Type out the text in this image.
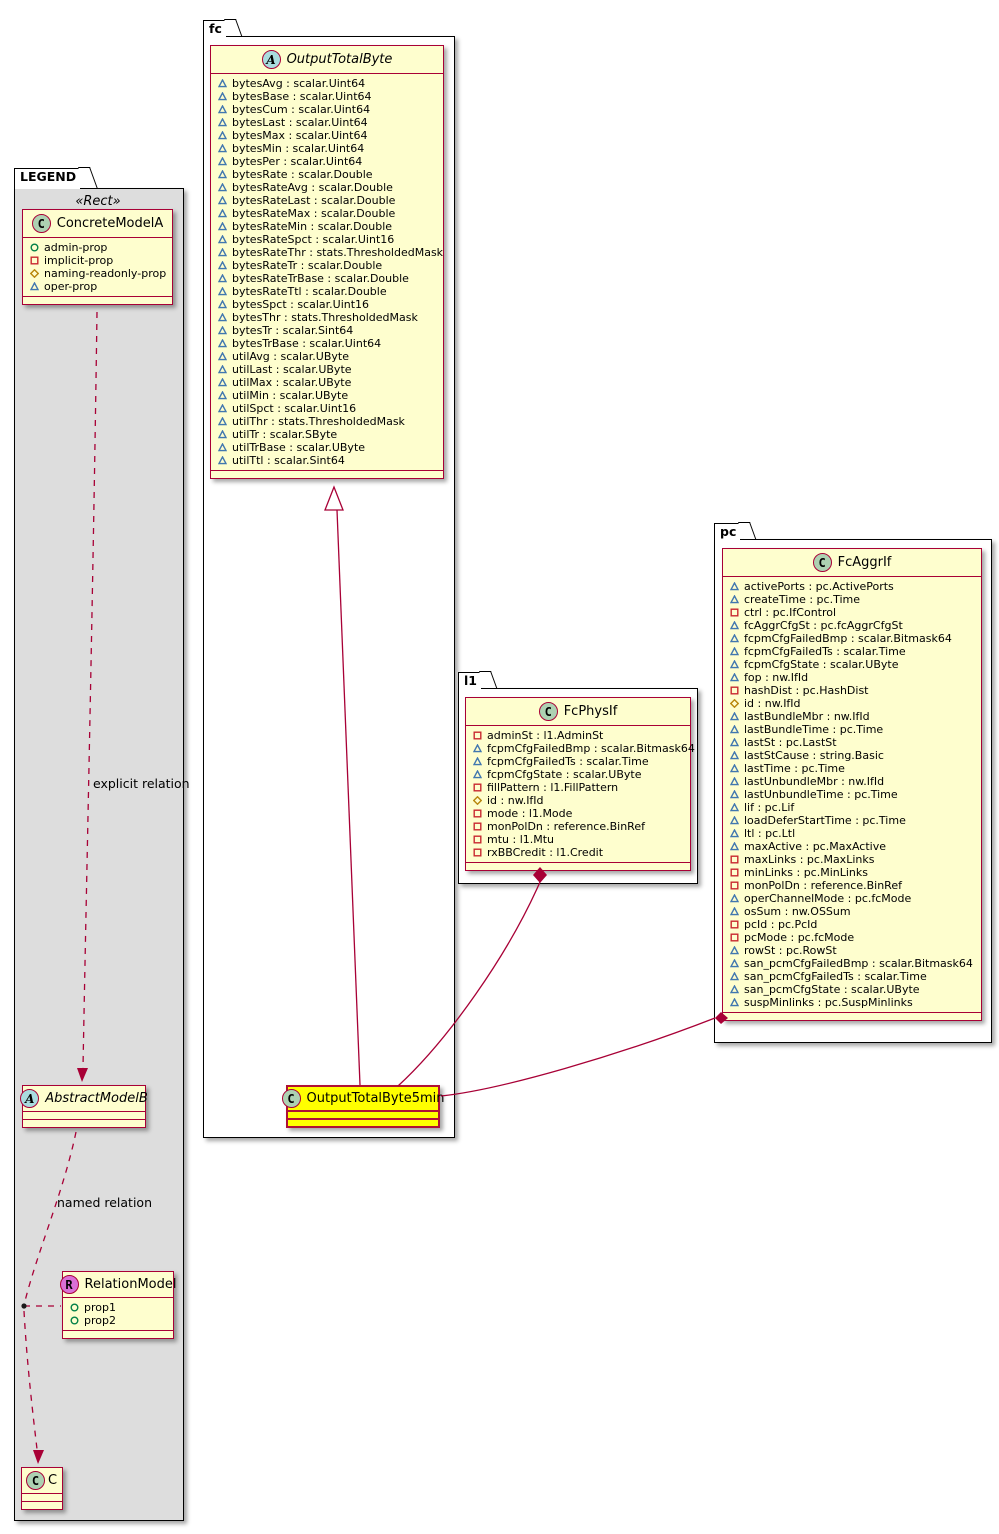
LEGEND
«Rect»
fc
l1
pc
explicit relation
named relation
C ConcreteModelA
admin-prop
implicit-prop
naming-readonly-prop
oper-prop
A AbstractModelB
R RelationModel
prop1
prop2
C C
A OutputTotalByte
bytesAvg : scalar.Uint64
bytesBase : scalar.Uint64
bytesCum : scalar.Uint64
bytesLast : scalar.Uint64
bytesMax : scalar.Uint64
bytesMin : scalar.Uint64
bytesPer : scalar.Uint64
bytesRate : scalar.Double
bytesRateAvg : scalar.Double
bytesRateLast : scalar.Double
bytesRateMax : scalar.Double
bytesRateMin : scalar.Double
bytesRateSpct : scalar.Uint16
bytesRateThr : stats.ThresholdedMask
bytesRateTr : scalar.Double
bytesRateTrBase : scalar.Double
bytesRateTtl : scalar.Double
bytesSpct : scalar.Uint16
bytesThr : stats.ThresholdedMask
bytesTr : scalar.Sint64
bytesTrBase : scalar.Uint64
utilAvg : scalar.UByte
utilLast : scalar.UByte
utilMax : scalar.UByte
utilMin : scalar.UByte
utilSpct : scalar.Uint16
utilThr : stats.ThresholdedMask
utilTr : scalar.SByte
utilTrBase : scalar.UByte
utilTtl : scalar.Sint64
C OutputTotalByte5min
C FcPhysIf
adminSt : l1.AdminSt
fcpmCfgFailedBmp : scalar.Bitmask64
fcpmCfgFailedTs : scalar.Time
fcpmCfgState : scalar.UByte
fillPattern : l1.FillPattern
id : nw.IfId
mode : l1.Mode
monPolDn : reference.BinRef
mtu : l1.Mtu
rxBBCredit : l1.Credit
C FcAggrIf
activePorts : pc.ActivePorts
createTime : pc.Time
ctrl : pc.IfControl
fcAggrCfgSt : pc.fcAggrCfgSt
fcpmCfgFailedBmp : scalar.Bitmask64
fcpmCfgFailedTs : scalar.Time
fcpmCfgState : scalar.UByte
fop : nw.IfId
hashDist : pc.HashDist
id : nw.IfId
lastBundleMbr : nw.IfId
lastBundleTime : pc.Time
lastSt : pc.LastSt
lastStCause : string.Basic
lastTime : pc.Time
lastUnbundleMbr : nw.IfId
lastUnbundleTime : pc.Time
lif : pc.Lif
loadDeferStartTime : pc.Time
ltl : pc.Ltl
maxActive : pc.MaxActive
maxLinks : pc.MaxLinks
minLinks : pc.MinLinks
monPolDn : reference.BinRef
operChannelMode : pc.fcMode
osSum : nw.OSSum
pcId : pc.PcId
pcMode : pc.fcMode
rowSt : pc.RowSt
san_pcmCfgFailedBmp : scalar.Bitmask64
san_pcmCfgFailedTs : scalar.Time
san_pcmCfgState : scalar.UByte
suspMinlinks : pc.SuspMinlinks
